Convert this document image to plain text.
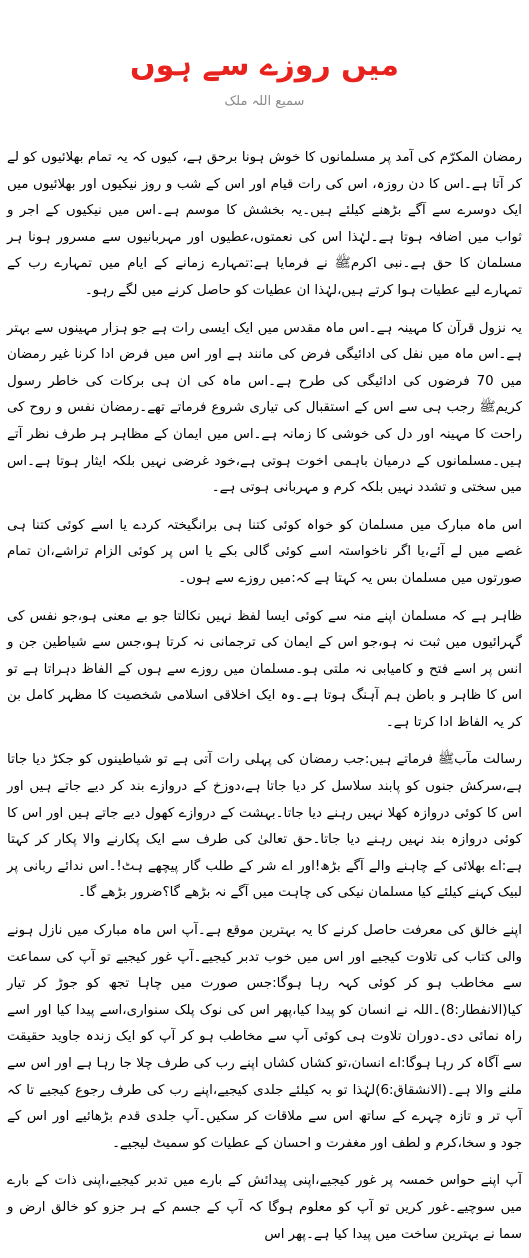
میں روزے سے ہوں
سمیع اللہ ملک

رمضان المکرّم کی آمد پر مسلمانوں کا خوش ہونا برحق ہے، کیوں کہ یہ تمام بھلائیوں کو لے کر آتا ہے۔اس کا دن روزہ، اس کی رات قیام اور اس کے شب و روز نیکیوں اور بھلائیوں میں ایک دوسرے سے آگے بڑھنے کیلئے ہیں۔یہ بخشش کا موسم ہے۔اس میں نیکیوں کے اجر و ثواب میں اضافہ ہوتا ہے۔لہٰذا اس کی نعمتوں،عطیوں اور مہربانیوں سے مسرور ہونا ہر مسلمان کا حق ہے۔نبی اکرمﷺ نے فرمایا ہے:تمہارے زمانے کے ایام میں تمہارے رب کے تمہارے لیے عطیات ہوا کرتے ہیں،لہٰذا ان عطیات کو حاصل کرنے میں لگے رہو۔

یہ نزول قرآن کا مہینہ ہے۔اس ماہ مقدس میں ایک ایسی رات ہے جو ہزار مہینوں سے بہتر ہے۔اس ماہ میں نفل کی ادائیگی فرض کی مانند ہے اور اس میں فرض ادا کرنا غیر رمضان میں 70 فرضوں کی ادائیگی کی طرح ہے۔اس ماہ کی ان ہی برکات کی خاطر رسول کریمﷺ رجب ہی سے اس کے استقبال کی تیاری شروع فرماتے تھے۔رمضان نفس و روح کی راحت کا مہینہ اور دل کی خوشی کا زمانہ ہے۔اس میں ایمان کے مظاہر ہر طرف نظر آتے ہیں۔مسلمانوں کے درمیان باہمی اخوت ہوتی ہے،خود غرضی نہیں بلکہ ایثار ہوتا ہے۔اس میں سختی و تشدد نہیں بلکہ کرم و مہربانی ہوتی ہے۔

اس ماہ مبارک میں مسلمان کو خواہ کوئی کتنا ہی برانگیختہ کردے یا اسے کوئی کتنا ہی غصے میں لے آئے،یا اگر ناخواستہ اسے کوئی گالی بکے یا اس پر کوئی الزام تراشے،ان تمام صورتوں میں مسلمان بس یہ کہتا ہے کہ:میں روزے سے ہوں۔

ظاہر ہے کہ مسلمان اپنے منہ سے کوئی ایسا لفظ نہیں نکالتا جو بے معنی ہو،جو نفس کی گہرائیوں میں ثبت نہ ہو،جو اس کے ایمان کی ترجمانی نہ کرتا ہو،جس سے شیاطین جن و انس پر اسے فتح و کامیابی نہ ملتی ہو۔مسلمان میں روزے سے ہوں کے الفاظ دہراتا ہے تو اس کا ظاہر و باطن ہم آہنگ ہوتا ہے۔وہ ایک اخلاقی اسلامی شخصیت کا مظہر کامل بن کر یہ الفاظ ادا کرتا ہے۔

رسالت مآبﷺ فرماتے ہیں:جب رمضان کی پہلی رات آتی ہے تو شیاطینوں کو جکڑ دیا جاتا ہے،سرکش جنوں کو پابند سلاسل کر دیا جاتا ہے،دوزخ کے دروازے بند کر دیے جاتے ہیں اور اس کا کوئی دروازہ کھلا نہیں رہنے دیا جاتا۔بہشت کے دروازے کھول دیے جاتے ہیں اور اس کا کوئی دروازہ بند نہیں رہنے دیا جاتا۔حق تعالیٰ کی طرف سے ایک پکارنے والا پکار کر کہتا ہے:اے بھلائی کے چاہنے والے آگے بڑھ!اور اے شر کے طلب گار پیچھے ہٹ!۔اس ندائے ربانی پر لبیک کہنے کیلئے کیا مسلمان نیکی کی چاہت میں آگے نہ بڑھے گا؟ضرور بڑھے گا۔

اپنے خالق کی معرفت حاصل کرنے کا یہ بہترین موقع ہے۔آپ اس ماہ مبارک میں نازل ہونے والی کتاب کی تلاوت کیجیے اور اس میں خوب تدبر کیجیے۔آپ غور کیجیے تو آپ کی سماعت سے مخاطب ہو کر کوئی کہہ رہا ہوگا:جس صورت میں چاہا تجھ کو جوڑ کر تیار کیا(الانفطار:8)۔اللہ نے انسان کو پیدا کیا،پھر اس کی نوک پلک سنواری،اسے پیدا کیا اور اسے راہ نمائی دی۔دوران تلاوت ہی کوئی آپ سے مخاطب ہو کر آپ کو ایک زندہ جاوید حقیقت سے آگاہ کر رہا ہوگا:اے انسان،تو کشاں کشاں اپنے رب کی طرف چلا جا رہا ہے اور اس سے ملنے والا ہے۔(الانشقاق:6)لہٰذا تو بہ کیلئے جلدی کیجیے،اپنے رب کی طرف رجوع کیجیے تا کہ آپ تر و تازہ چہرے کے ساتھ اس سے ملاقات کر سکیں۔آپ جلدی قدم بڑھائیے اور اس کے جود و سخا،کرم و لطف اور مغفرت و احسان کے عطیات کو سمیٹ لیجیے۔

آپ اپنے حواس خمسہ پر غور کیجیے،اپنی پیدائش کے بارے میں تدبر کیجیے،اپنی ذات کے بارے میں سوچیے۔غور کریں تو آپ کو معلوم ہوگا کہ آپ کے جسم کے ہر جزو کو خالق ارض و سما نے بہترین ساخت میں پیدا کیا ہے۔پھر اس
